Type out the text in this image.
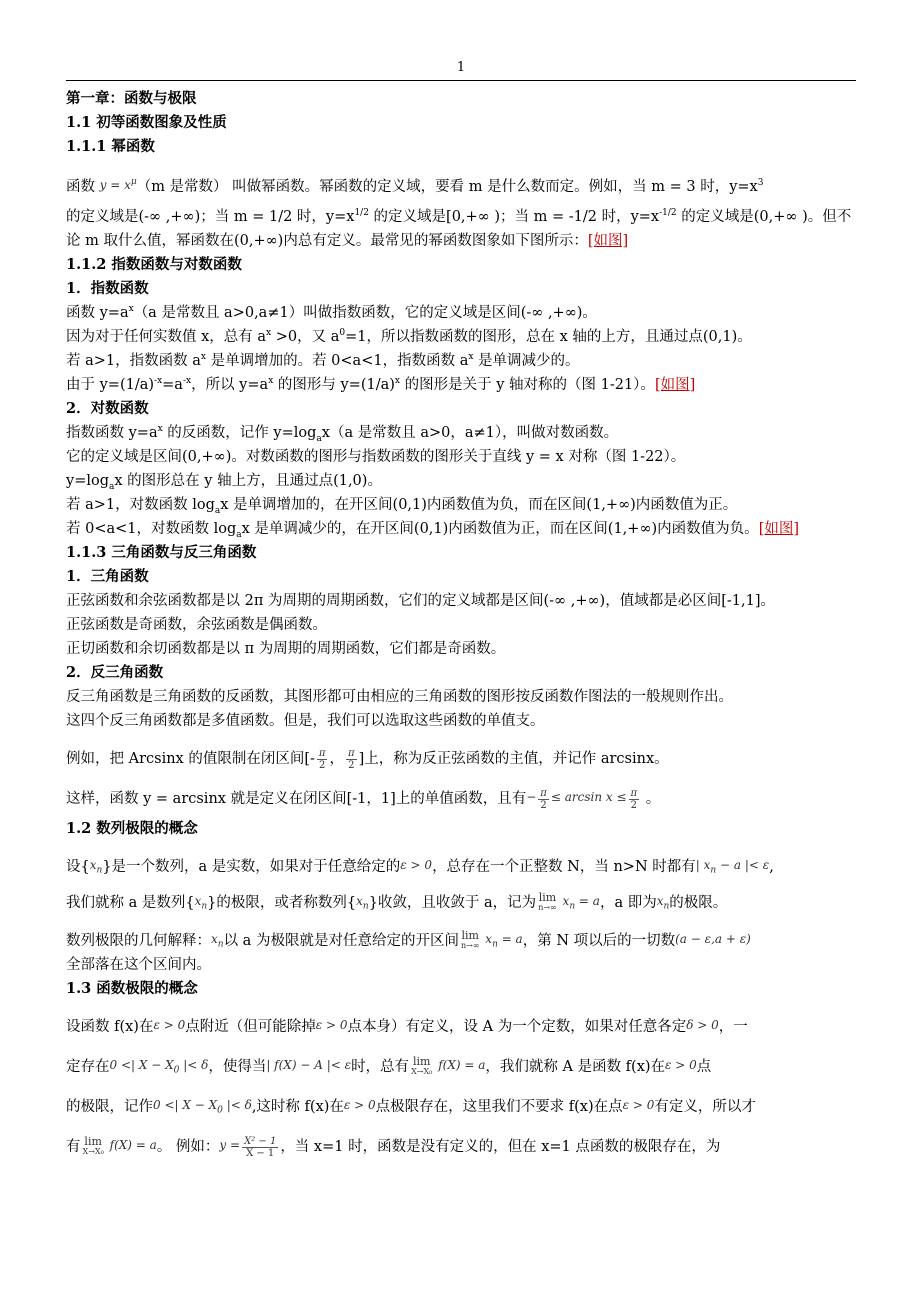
1

第一章：函数与极限

1.1 初等函数图象及性质

1.1.1 幂函数

函数 $y = x^\mu(m$ 是常数） 叫做幂函数。幂函数的定义域，要看 m 是什么数而定。例如，当 m = 3 时，$y=x^3$

的定义域是(-∞ ,+∞)；当 m = 1/2 时，$y=x^{1/2}$ 的定义域是[0,+∞ )；当 m = -1/2 时，$y=x^{-1/2}$ 的定义域是(0,+∞ )。但不

论 m 取什么值，幂函数在(0,+∞)内总有定义。最常见的幂函数图象如下图所示：[如图]

1.1.2 指数函数与对数函数

1．指数函数

函数 $y=a^x(a$ 是常数且 a>0,a≠1）叫做指数函数，它的定义域是区间(-∞ ,+∞)。

因为对于任何实数值 x，总有 $a^x >0$，又 $a^0=1$，所以指数函数的图形，总在 x 轴的上方，且通过点(0,1)。

若 a>1，指数函数 $a^x$ 是单调增加的。若 0<a<1，指数函数 $a^x$ 是单调减少的。

由于 $y=(1/a)^{-x}=a^{-x}$，所以 $y=a^x$ 的图形与 $y=(1/a)^x$ 的图形是关于 y 轴对称的（图 1-21）。[如图]

2．对数函数

指数函数 $y=a^x$ 的反函数，记作 $y=\log_ax(a$ 是常数且 a>0，a≠1），叫做对数函数。

它的定义域是区间(0,+∞)。对数函数的图形与指数函数的图形关于直线 y = x 对称（图 1-22）。

$y=\log_ax$ 的图形总在 y 轴上方，且通过点(1,0)。

若 a>1，对数函数 $\log_ax$ 是单调增加的，在开区间(0,1)内函数值为负，而在区间(1,+∞)内函数值为正。

若 0<a<1，对数函数 $\log_ax$ 是单调减少的，在开区间(0,1)内函数值为正，而在区间(1,+∞)内函数值为负。[如图]

1.1.3 三角函数与反三角函数

1．三角函数

正弦函数和余弦函数都是以 2π 为周期的周期函数，它们的定义域都是区间(-∞ ,+∞)，值域都是必区间[-1,1]。

正弦函数是奇函数，余弦函数是偶函数。

正切函数和余切函数都是以 π 为周期的周期函数，它们都是奇函数。

2．反三角函数

反三角函数是三角函数的反函数，其图形都可由相应的三角函数的图形按反函数作图法的一般规则作出。

这四个反三角函数都是多值函数。但是，我们可以选取这些函数的单值支。

例如，把 Arcsinx 的值限制在闭区间[- $\frac{\pi}{2}$ ， $\frac{\pi}{2}$ ]上，称为反正弦函数的主值，并记作 arcsinx。

这样，函数 y = arcsinx 就是定义在闭区间[-1，1]上的单值函数，且有− $\frac{\pi}{2} \le \arcsin x \le \frac{\pi}{2}$ 。

1.2 数列极限的概念

设$\{x_n\}$是一个数列，a 是实数，如果对于任意给定的ε > 0，总存在一个正整数 N，当 n>N 时都有| $x_n - a$ |< ε,

我们就称 a 是数列$\{x_n\}$的极限，或者称数列$\{x_n\}$收敛，且收敛于 a，记为 lim
n→∞ $x_n = a$，a 即为$x_n$的极限。

数列极限的几何解释：$x_n$以 a 为极限就是对任意给定的开区间 lim
n→∞ $x_n = a$，第 N 项以后的一切数(a − ε,a + ε)

全部落在这个区间内。

1.3 函数极限的概念

设函数 f(x)在ε > 0点附近（但可能除掉ε > 0点本身）有定义，设 A 为一个定数，如果对任意各定δ > 0，一

定存在0 <| $X - X_0$ |< δ，使得当| f(X) − A |< ε时，总有 lim
X→X₀ f(X) = a，我们就称 A 是函数 f(x)在ε > 0点

的极限，记作0 <| $X - X_0$ |< δ,这时称 f(x)在ε > 0点极限存在，这里我们不要求 f(x)在点ε > 0有定义，所以才

有 lim
X→X₀ f(X) = a。 例如：$y = \frac{\text{X² − 1}}{X - 1}$ ，当 x=1 时，函数是没有定义的，但在 x=1 点函数的极限存在，为
